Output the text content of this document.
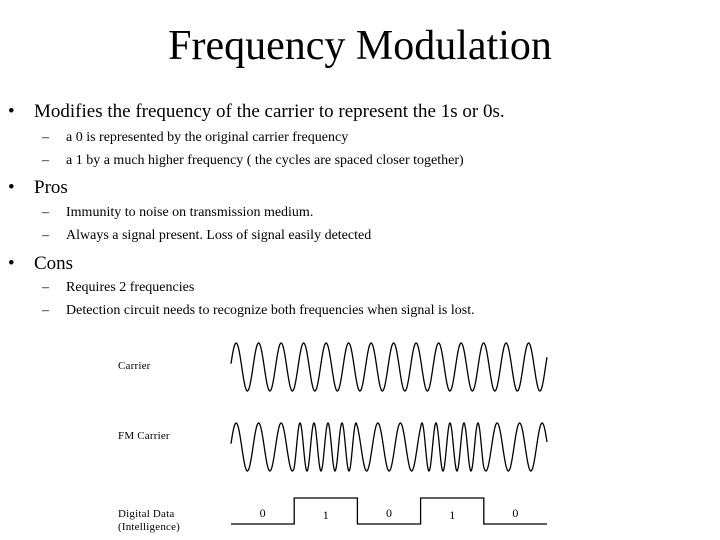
Frequency Modulation
• Modifies the frequency of the carrier to represent the 1s or 0s.
– a 0 is represented by the original carrier frequency
– a 1 by a much higher frequency ( the cycles are spaced closer together)
• Pros
– Immunity to noise on transmission medium.
– Always a signal present. Loss of signal easily detected
• Cons
– Requires 2 frequencies
– Detection circuit needs to recognize both frequencies when signal is lost.
Carrier
FM Carrier
Digital Data
(Intelligence)
0	1	0	1	0
